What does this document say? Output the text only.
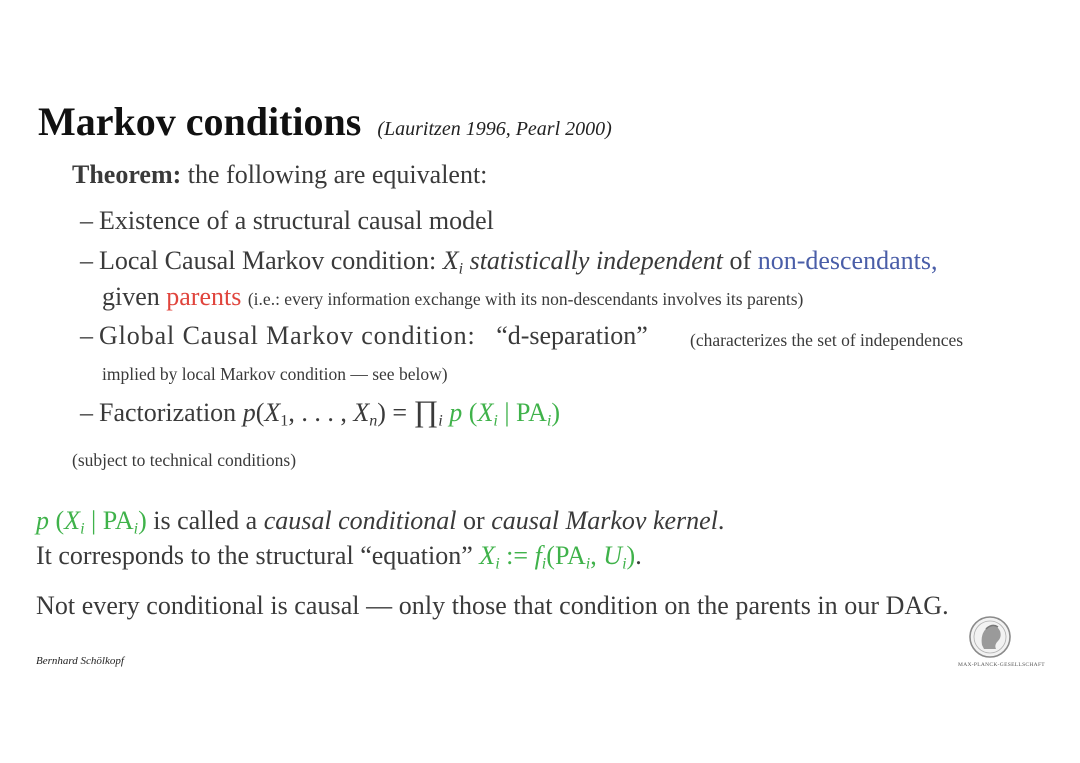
Markov conditions (Lauritzen 1996, Pearl 2000)
Theorem: the following are equivalent:
– Existence of a structural causal model
– Local Causal Markov condition: $X_i$ statistically independent of non-descendants,
given parents (i.e.: every information exchange with its non-descendants involves its parents)
– Global Causal Markov condition: “d-separation” (characterizes the set of independences
implied by local Markov condition — see below)
– Factorization $p(X_1$, . . . , $X_n$) = $\prod_i$ p ($X_i$ | $PA_i$)
(subject to technical conditions)
p ($X_i$ | $PA_i$) is called a causal conditional or causal Markov kernel.
It corresponds to the structural “equation” $X_i$ := $f_i(PA_i$, $U_i$).
Not every conditional is causal — only those that condition on the parents in our DAG.
Bernhard Schölkopf	MAX-PLANCK-GESELLSCHAFT
